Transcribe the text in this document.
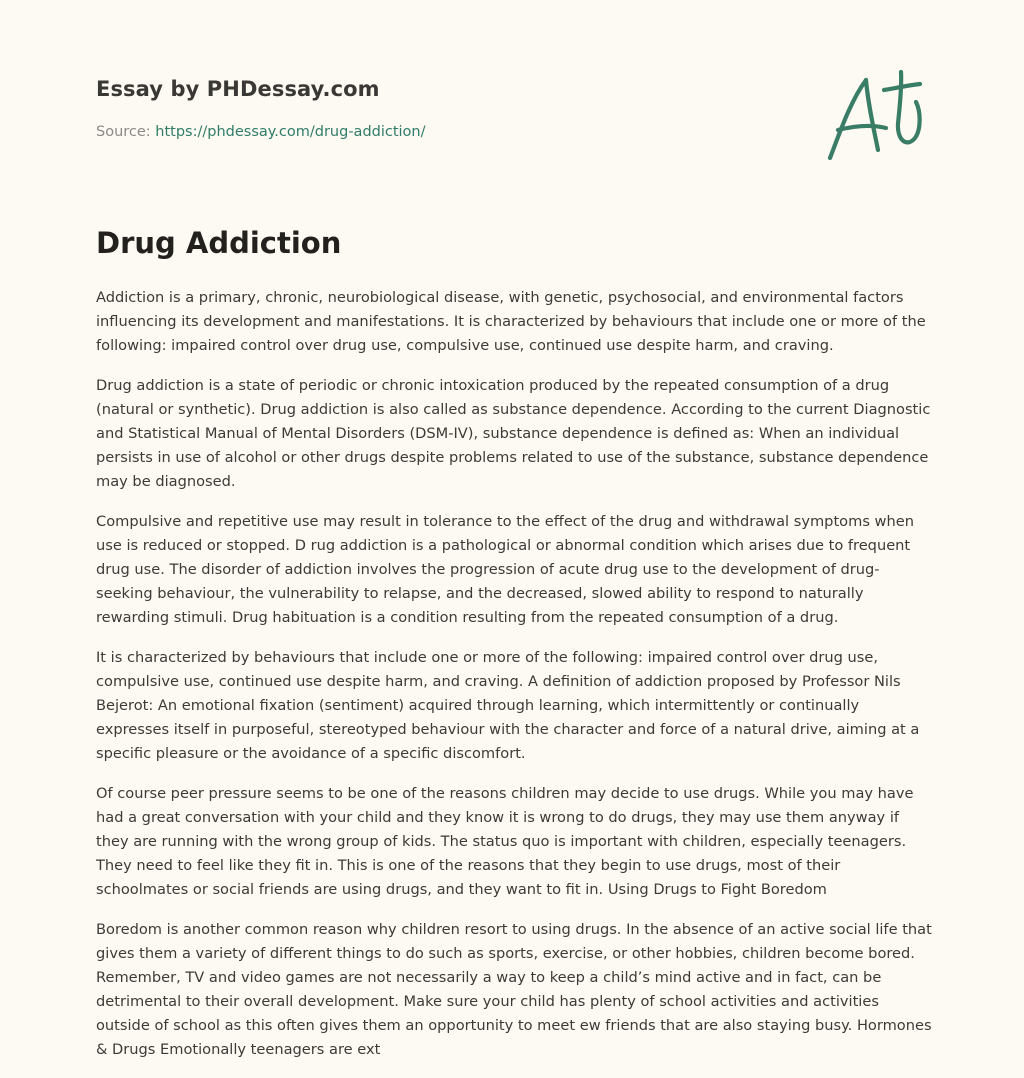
Essay by PHDessay.com

Source: https://phdessay.com/drug-addiction/

Drug Addiction

Addiction is a primary, chronic, neurobiological disease, with genetic, psychosocial, and environmental factors influencing its development and manifestations. It is characterized by behaviours that include one or more of the following: impaired control over drug use, compulsive use, continued use despite harm, and craving.

Drug addiction is a state of periodic or chronic intoxication produced by the repeated consumption of a drug (natural or synthetic). Drug addiction is also called as substance dependence. According to the current Diagnostic and Statistical Manual of Mental Disorders (DSM-IV), substance dependence is defined as: When an individual persists in use of alcohol or other drugs despite problems related to use of the substance, substance dependence may be diagnosed.

Compulsive and repetitive use may result in tolerance to the effect of the drug and withdrawal symptoms when use is reduced or stopped. D rug addiction is a pathological or abnormal condition which arises due to frequent drug use. The disorder of addiction involves the progression of acute drug use to the development of drug-seeking behaviour, the vulnerability to relapse, and the decreased, slowed ability to respond to naturally rewarding stimuli. Drug habituation is a condition resulting from the repeated consumption of a drug.

It is characterized by behaviours that include one or more of the following: impaired control over drug use, compulsive use, continued use despite harm, and craving. A definition of addiction proposed by Professor Nils Bejerot: An emotional fixation (sentiment) acquired through learning, which intermittently or continually expresses itself in purposeful, stereotyped behaviour with the character and force of a natural drive, aiming at a specific pleasure or the avoidance of a specific discomfort.

Of course peer pressure seems to be one of the reasons children may decide to use drugs. While you may have had a great conversation with your child and they know it is wrong to do drugs, they may use them anyway if they are running with the wrong group of kids. The status quo is important with children, especially teenagers. They need to feel like they fit in. This is one of the reasons that they begin to use drugs, most of their schoolmates or social friends are using drugs, and they want to fit in. Using Drugs to Fight Boredom

Boredom is another common reason why children resort to using drugs. In the absence of an active social life that gives them a variety of different things to do such as sports, exercise, or other hobbies, children become bored. Remember, TV and video games are not necessarily a way to keep a child’s mind active and in fact, can be detrimental to their overall development. Make sure your child has plenty of school activities and activities outside of school as this often gives them an opportunity to meet ew friends that are also staying busy. Hormones & Drugs Emotionally teenagers are ext
